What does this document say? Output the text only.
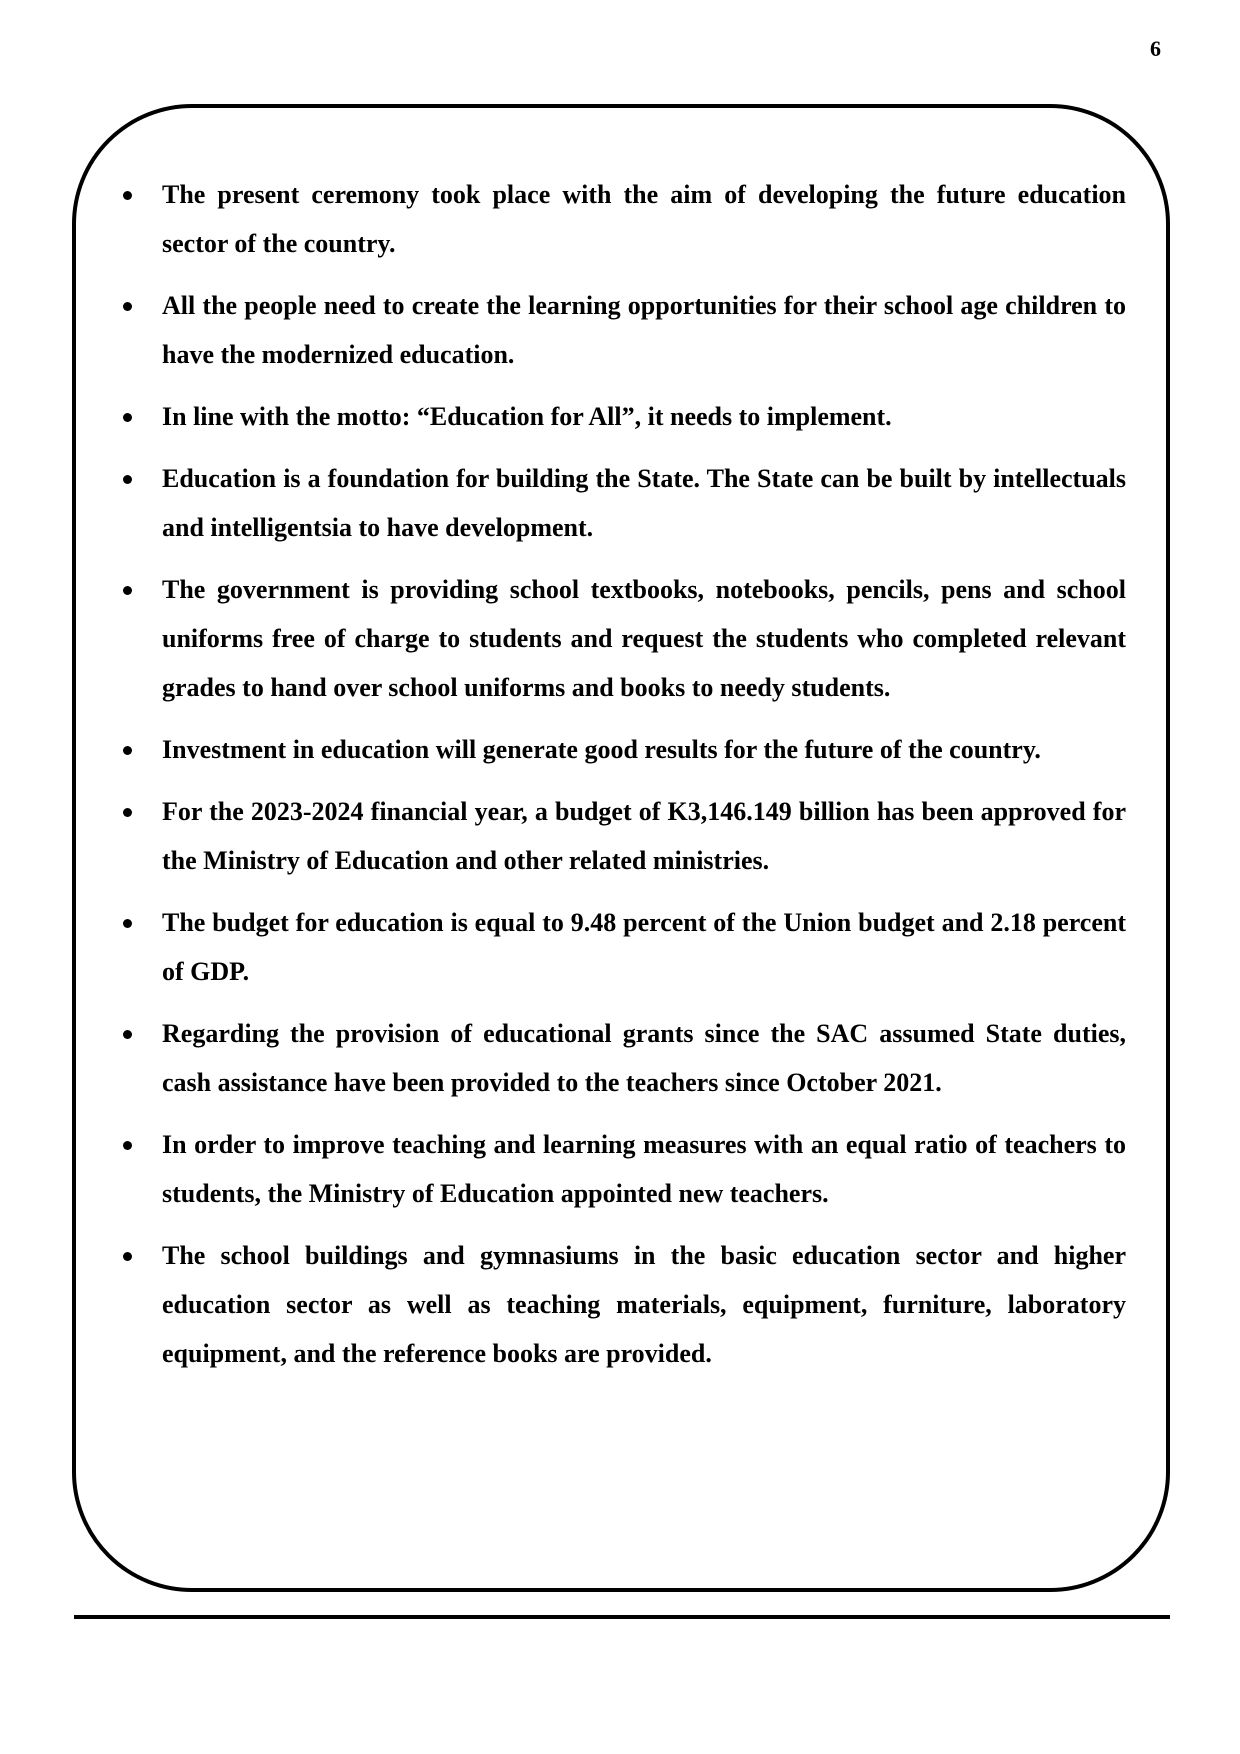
6
The present ceremony took place with the aim of developing the future education sector of the country.
All the people need to create the learning opportunities for their school age children to have the modernized education.
In line with the motto: “Education for All”, it needs to implement.
Education is a foundation for building the State. The State can be built by intellectuals and intelligentsia to have development.
The government is providing school textbooks, notebooks, pencils, pens and school uniforms free of charge to students and request the students who completed relevant grades to hand over school uniforms and books to needy students.
Investment in education will generate good results for the future of the country.
For the 2023-2024 financial year, a budget of K3,146.149 billion has been approved for the Ministry of Education and other related ministries.
The budget for education is equal to 9.48 percent of the Union budget and 2.18 percent of GDP.
Regarding the provision of educational grants since the SAC assumed State duties, cash assistance have been provided to the teachers since October 2021.
In order to improve teaching and learning measures with an equal ratio of teachers to students, the Ministry of Education appointed new teachers.
The school buildings and gymnasiums in the basic education sector and higher education sector as well as teaching materials, equipment, furniture, laboratory equipment, and the reference books are provided.
